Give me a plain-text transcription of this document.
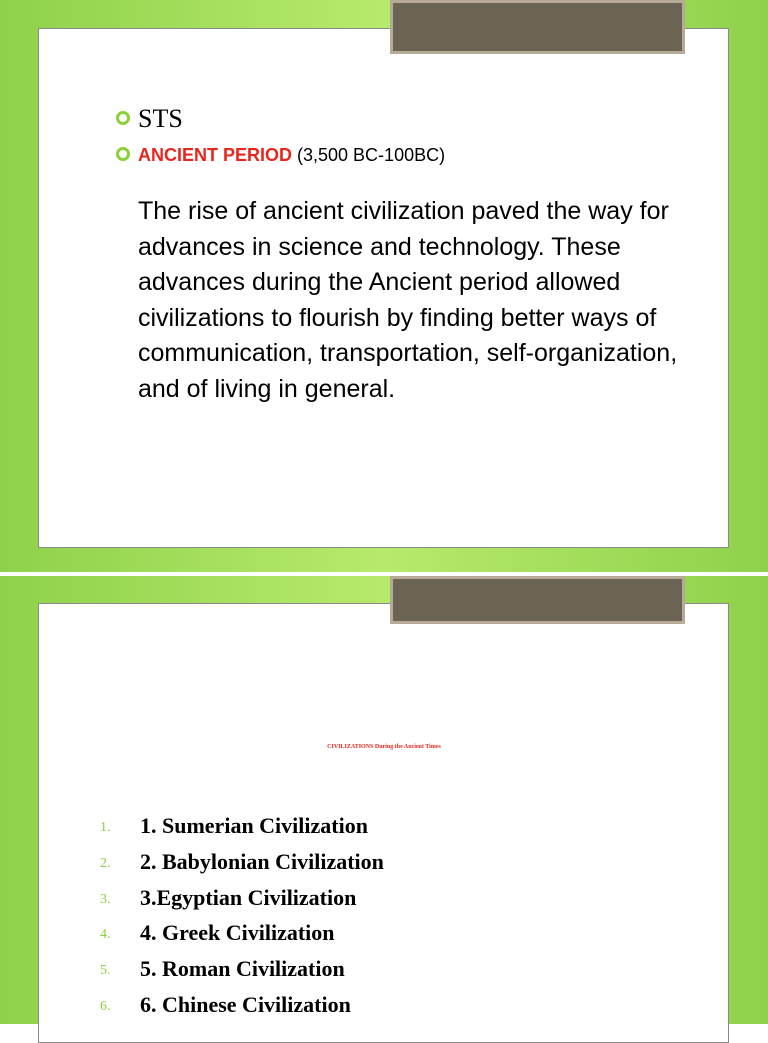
STS
ANCIENT PERIOD (3,500 BC-100BC)
The rise of ancient civilization paved the way for advances in science and technology. These advances during the Ancient period allowed civilizations to flourish by finding better ways of communication, transportation, self-organization, and of living in general.
CIVILIZATIONS During the Ancient Times
1.	1. Sumerian Civilization
2.	2. Babylonian Civilization
3.	3.Egyptian Civilization
4.	4. Greek Civilization
5.	5. Roman Civilization
6.	6. Chinese Civilization
